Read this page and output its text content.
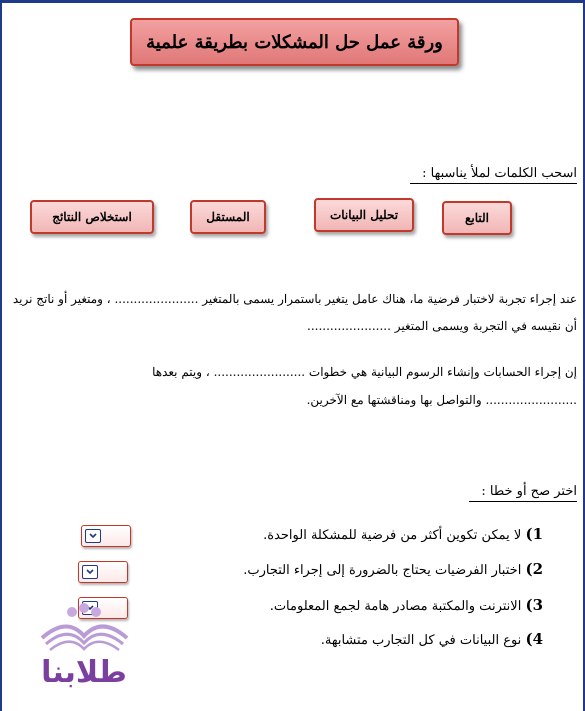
ورقة عمل حل المشكلات بطريقة علمية
اسحب الكلمات لملأ يناسبها :
التابع
تحليل البيانات
المستقل
استخلاص النتائج
عند إجراء تجربة لاختبار فرضية ما، هناك عامل يتغير باستمرار يسمى بالمتغير ...................... ، ومتغير أو ناتج نريد
أن نقيسه في التجربة ويسمى المتغير ......................
إن إجراء الحسابات وإنشاء الرسوم البيانية هي خطوات ........................ ، ويتم بعدها
........................ والتواصل بها ومناقشتها مع الآخرين.
اختر صح أو خطا :
1) لا يمكن تكوين أكثر من فرضية للمشكلة الواحدة.
2) اختبار الفرضيات يحتاج بالضرورة إلى إجراء التجارب.
3) الانترنت والمكتبة مصادر هامة لجمع المعلومات.
4) نوع البيانات في كل التجارب متشابهة.
طلابنا
